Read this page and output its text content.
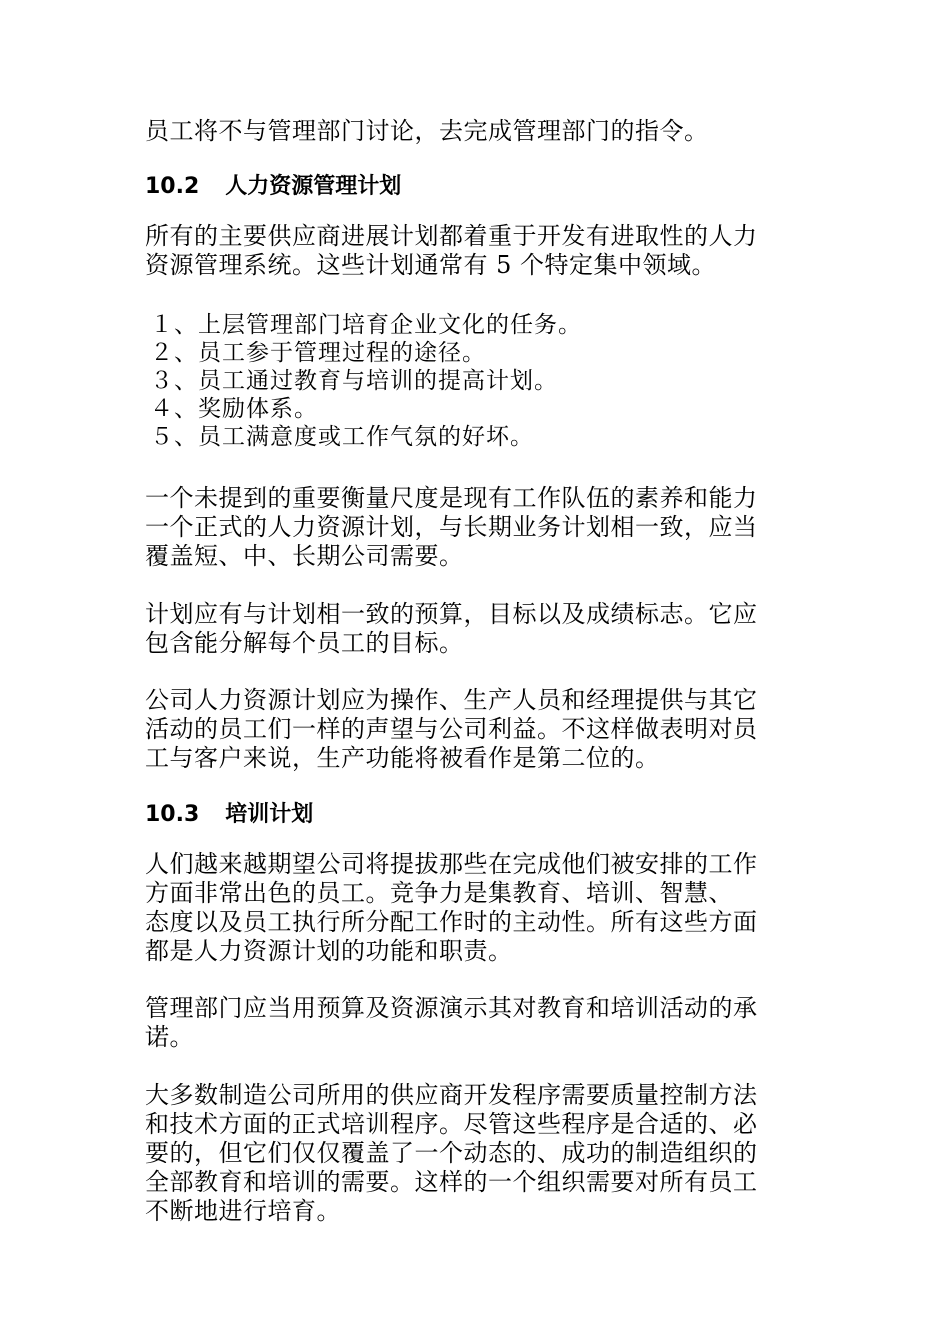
员工将不与管理部门讨论，去完成管理部门的指令。
10.2 人力资源管理计划
所有的主要供应商进展计划都着重于开发有进取性的人力
资源管理系统。这些计划通常有 5 个特定集中领域。
１、上层管理部门培育企业文化的任务。
２、员工参于管理过程的途径。
３、员工通过教育与培训的提高计划。
４、奖励体系。
５、员工满意度或工作气氛的好坏。
一个未提到的重要衡量尺度是现有工作队伍的素养和能力
一个正式的人力资源计划，与长期业务计划相一致，应当
覆盖短、中、长期公司需要。
计划应有与计划相一致的预算，目标以及成绩标志。它应
包含能分解每个员工的目标。
公司人力资源计划应为操作、生产人员和经理提供与其它
活动的员工们一样的声望与公司利益。不这样做表明对员
工与客户来说，生产功能将被看作是第二位的。
10.3 培训计划
人们越来越期望公司将提拔那些在完成他们被安排的工作
方面非常出色的员工。竞争力是集教育、培训、智慧、
态度以及员工执行所分配工作时的主动性。所有这些方面
都是人力资源计划的功能和职责。
管理部门应当用预算及资源演示其对教育和培训活动的承
诺。
大多数制造公司所用的供应商开发程序需要质量控制方法
和技术方面的正式培训程序。尽管这些程序是合适的、必
要的，但它们仅仅覆盖了一个动态的、成功的制造组织的
全部教育和培训的需要。这样的一个组织需要对所有员工
不断地进行培育。
